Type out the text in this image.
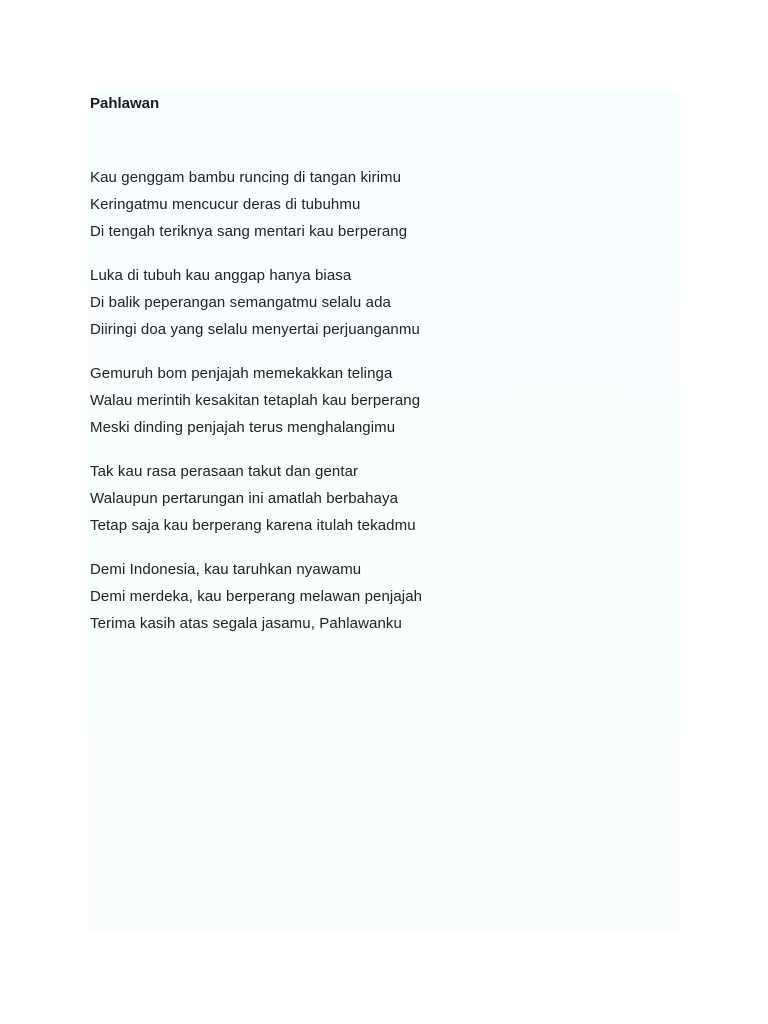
Pahlawan

Kau genggam bambu runcing di tangan kirimu

Keringatmu mencucur deras di tubuhmu

Di tengah teriknya sang mentari kau berperang

Luka di tubuh kau anggap hanya biasa

Di balik peperangan semangatmu selalu ada

Diiringi doa yang selalu menyertai perjuanganmu

Gemuruh bom penjajah memekakkan telinga

Walau merintih kesakitan tetaplah kau berperang

Meski dinding penjajah terus menghalangimu

Tak kau rasa perasaan takut dan gentar

Walaupun pertarungan ini amatlah berbahaya

Tetap saja kau berperang karena itulah tekadmu

Demi Indonesia, kau taruhkan nyawamu

Demi merdeka, kau berperang melawan penjajah

Terima kasih atas segala jasamu, Pahlawanku
